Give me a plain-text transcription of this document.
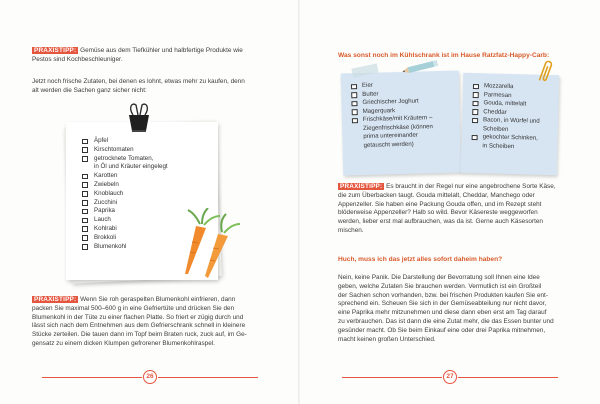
PRAXISTIPP: Gemüse aus dem Tiefkühler und halbfertige Produkte wie
Pestos sind Kochbeschleuniger.
Jetzt noch frische Zutaten, bei denen es lohnt, etwas mehr zu kaufen, denn
alt werden die Sachen ganz sicher nicht:
Äpfel
Kirschtomaten
getrocknete Tomaten,
in Öl und Kräuter eingelegt
Karotten
Zwiebeln
Knoblauch
Zucchini
Paprika
Lauch
Kohlrabi
Brokkoli
Blumenkohl
PRAXISTIPP: Wenn Sie roh geraspelten Blumenkohl einfrieren, dann
packen Sie maximal 500–600 g in eine Gefriertüte und drücken Sie den
Blumenkohl in der Tüte zu einer flachen Platte. So friert er zügig durch und
lässt sich nach dem Entnehmen aus dem Gefrierschrank schnell in kleinere
Stücke zerteilen. Die tauen dann im Topf beim Braten ruck, zuck auf, im Ge-
gensatz zu einem dicken Klumpen gefrorener Blumenkohlraspel.
26
Was sonst noch im Kühlschrank ist im Hause Ratzfatz-Happy-Carb:
Eier
Butter
Griechischer Joghurt
Magerquark
Frischkäse/mit Kräutern –
Ziegenfrischkäse (können
prima untereinander
getauscht werden)
Mozzarella
Parmesan
Gouda, mittelalt
Cheddar
Bacon, in Würfel und
Scheiben
gekochter Schinken,
in Scheiben
PRAXISTIPP: Es braucht in der Regel nur eine angebrochene Sorte Käse,
die zum Überbacken taugt. Gouda mittelalt, Cheddar, Manchego oder
Appenzeller. Sie haben eine Packung Gouda offen, und im Rezept steht
blöderweise Appenzeller? Halb so wild. Bevor Käsereste weggeworfen
werden, lieber erst mal aufbrauchen, was da ist. Gerne auch Käsesorten
mischen.
Huch, muss ich das jetzt alles sofort daheim haben?
Nein, keine Panik. Die Darstellung der Bevorratung soll Ihnen eine Idee
geben, welche Zutaten Sie brauchen werden. Vermutlich ist ein Großteil
der Sachen schon vorhanden, bzw. bei frischen Produkten kaufen Sie ent-
sprechend ein. Scheuen Sie sich in der Gemüseabteilung nur nicht davor,
eine Paprika mehr mitzunehmen und diese dann eben erst am Tag darauf
zu verbrauchen. Das ist dann die eine Zutat mehr, die das Essen bunter und
gesünder macht. Ob Sie beim Einkauf eine oder drei Paprika mitnehmen,
macht keinen großen Unterschied.
27
